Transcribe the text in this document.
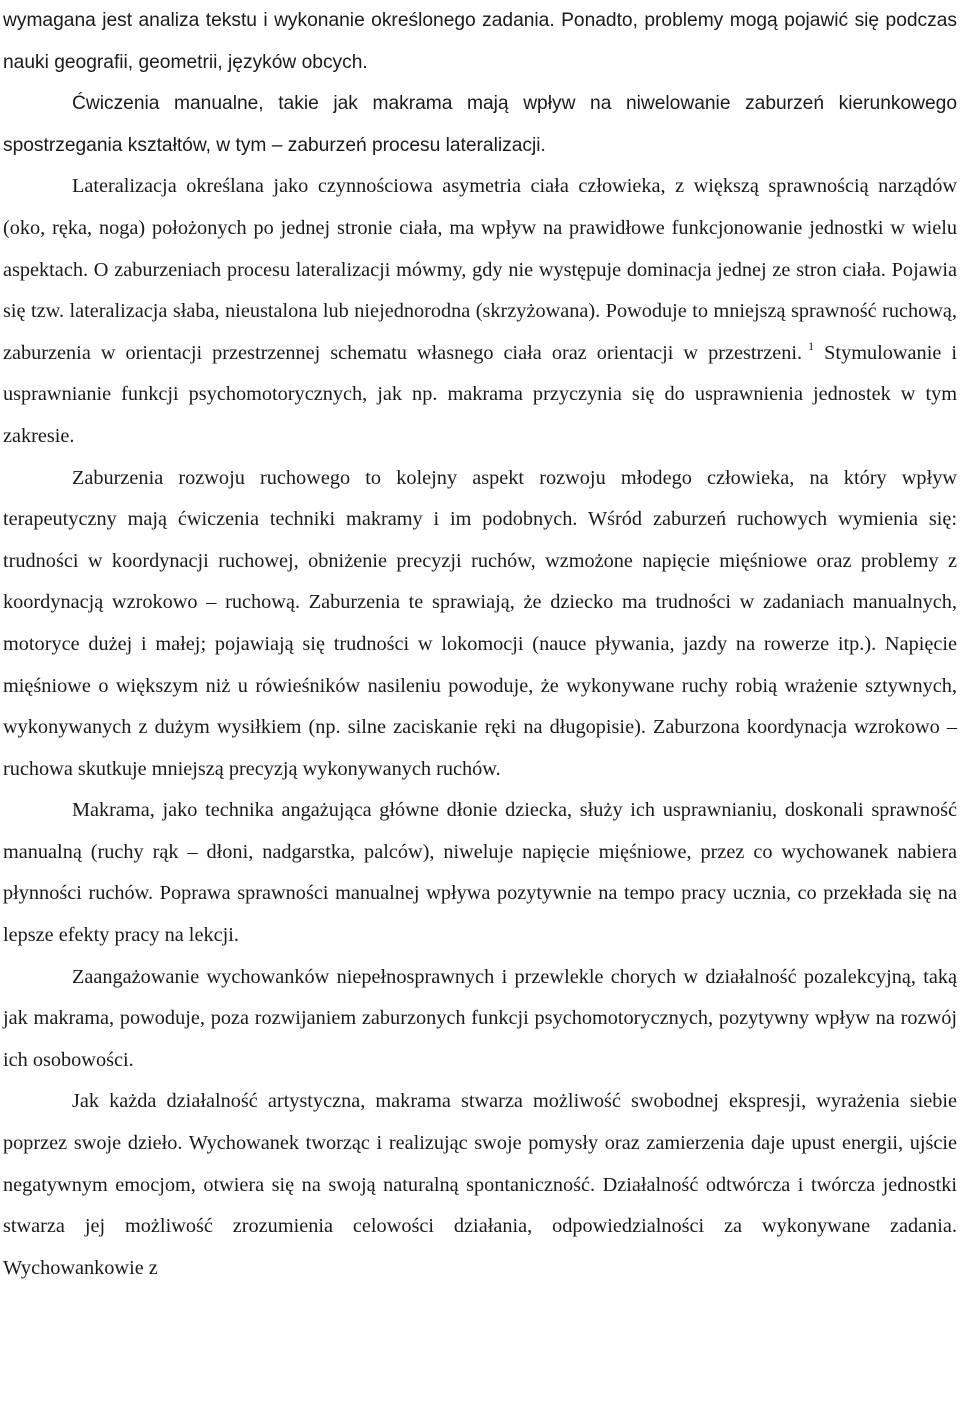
wymagana jest analiza tekstu i wykonanie określonego zadania. Ponadto, problemy mogą pojawić się podczas nauki geografii, geometrii, języków obcych.

Ćwiczenia manualne, takie jak makrama mają wpływ na niwelowanie zaburzeń kierunkowego spostrzegania kształtów, w tym – zaburzeń procesu lateralizacji.

Lateralizacja określana jako czynnościowa asymetria ciała człowieka, z większą sprawnością narządów (oko, ręka, noga) położonych po jednej stronie ciała, ma wpływ na prawidłowe funkcjonowanie jednostki w wielu aspektach. O zaburzeniach procesu lateralizacji mówmy, gdy nie występuje dominacja jednej ze stron ciała. Pojawia się tzw. lateralizacja słaba, nieustalona lub niejednorodna (skrzyżowana). Powoduje to mniejszą sprawność ruchową, zaburzenia w orientacji przestrzennej schematu własnego ciała oraz orientacji w przestrzeni. $^1$ Stymulowanie i usprawnianie funkcji psychomotorycznych, jak np. makrama przyczynia się do usprawnienia jednostek w tym zakresie.

Zaburzenia rozwoju ruchowego to kolejny aspekt rozwoju młodego człowieka, na który wpływ terapeutyczny mają ćwiczenia techniki makramy i im podobnych. Wśród zaburzeń ruchowych wymienia się: trudności w koordynacji ruchowej, obniżenie precyzji ruchów, wzmożone napięcie mięśniowe oraz problemy z koordynacją wzrokowo – ruchową. Zaburzenia te sprawiają, że dziecko ma trudności w zadaniach manualnych, motoryce dużej i małej; pojawiają się trudności w lokomocji (nauce pływania, jazdy na rowerze itp.). Napięcie mięśniowe o większym niż u rówieśników nasileniu powoduje, że wykonywane ruchy robią wrażenie sztywnych, wykonywanych z dużym wysiłkiem (np. silne zaciskanie ręki na długopisie). Zaburzona koordynacja wzrokowo – ruchowa skutkuje mniejszą precyzją wykonywanych ruchów.

Makrama, jako technika angażująca główne dłonie dziecka, służy ich usprawnianiu, doskonali sprawność manualną (ruchy rąk – dłoni, nadgarstka, palców), niweluje napięcie mięśniowe, przez co wychowanek nabiera płynności ruchów. Poprawa sprawności manualnej wpływa pozytywnie na tempo pracy ucznia, co przekłada się na lepsze efekty pracy na lekcji.

Zaangażowanie wychowanków niepełnosprawnych i przewlekle chorych w działalność pozalekcyjną, taką jak makrama, powoduje, poza rozwijaniem zaburzonych funkcji psychomotorycznych, pozytywny wpływ na rozwój ich osobowości.

Jak każda działalność artystyczna, makrama stwarza możliwość swobodnej ekspresji, wyrażenia siebie poprzez swoje dzieło. Wychowanek tworząc i realizując swoje pomysły oraz zamierzenia daje upust energii, ujście negatywnym emocjom, otwiera się na swoją naturalną spontaniczność. Działalność odtwórcza i twórcza jednostki stwarza jej możliwość zrozumienia celowości działania, odpowiedzialności za wykonywane zadania. Wychowankowie z
